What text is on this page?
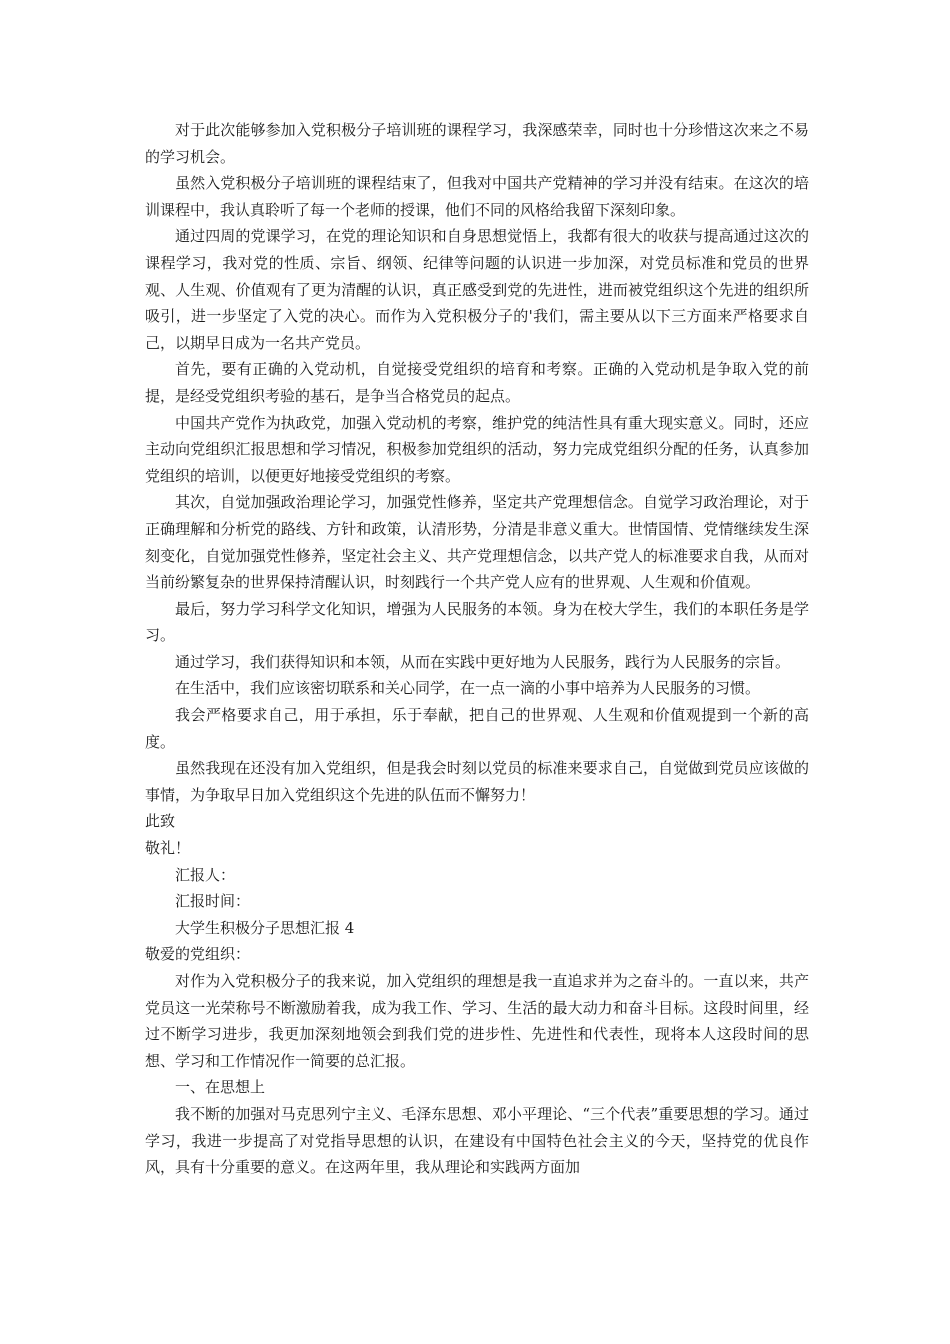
对于此次能够参加入党积极分子培训班的课程学习，我深感荣幸，同时也十分珍惜这次来之不易的学习机会。

虽然入党积极分子培训班的课程结束了，但我对中国共产党精神的学习并没有结束。在这次的培训课程中，我认真聆听了每一个老师的授课，他们不同的风格给我留下深刻印象。

通过四周的党课学习，在党的理论知识和自身思想觉悟上，我都有很大的收获与提高通过这次的课程学习，我对党的性质、宗旨、纲领、纪律等问题的认识进一步加深，对党员标准和党员的世界观、人生观、价值观有了更为清醒的认识，真正感受到党的先进性，进而被党组织这个先进的组织所吸引，进一步坚定了入党的决心。而作为入党积极分子的'我们，需主要从以下三方面来严格要求自己，以期早日成为一名共产党员。

首先，要有正确的入党动机，自觉接受党组织的培育和考察。正确的入党动机是争取入党的前提，是经受党组织考验的基石，是争当合格党员的起点。

中国共产党作为执政党，加强入党动机的考察，维护党的纯洁性具有重大现实意义。同时，还应主动向党组织汇报思想和学习情况，积极参加党组织的活动，努力完成党组织分配的任务，认真参加党组织的培训，以便更好地接受党组织的考察。

其次，自觉加强政治理论学习，加强党性修养，坚定共产党理想信念。自觉学习政治理论，对于正确理解和分析党的路线、方针和政策，认清形势，分清是非意义重大。世情国情、党情继续发生深刻变化，自觉加强党性修养，坚定社会主义、共产党理想信念，以共产党人的标准要求自我，从而对当前纷繁复杂的世界保持清醒认识，时刻践行一个共产党人应有的世界观、人生观和价值观。

最后，努力学习科学文化知识，增强为人民服务的本领。身为在校大学生，我们的本职任务是学习。

通过学习，我们获得知识和本领，从而在实践中更好地为人民服务，践行为人民服务的宗旨。

在生活中，我们应该密切联系和关心同学，在一点一滴的小事中培养为人民服务的习惯。

我会严格要求自己，用于承担，乐于奉献，把自己的世界观、人生观和价值观提到一个新的高度。

虽然我现在还没有加入党组织，但是我会时刻以党员的标准来要求自己，自觉做到党员应该做的事情，为争取早日加入党组织这个先进的队伍而不懈努力！

此致

敬礼！

汇报人：

汇报时间：

大学生积极分子思想汇报 4

敬爱的党组织：

对作为入党积极分子的我来说，加入党组织的理想是我一直追求并为之奋斗的。一直以来，共产党员这一光荣称号不断激励着我，成为我工作、学习、生活的最大动力和奋斗目标。这段时间里，经过不断学习进步，我更加深刻地领会到我们党的进步性、先进性和代表性，现将本人这段时间的思想、学习和工作情况作一简要的总汇报。

一、在思想上

我不断的加强对马克思列宁主义、毛泽东思想、邓小平理论、“三个代表”重要思想的学习。通过学习，我进一步提高了对党指导思想的认识，在建设有中国特色社会主义的今天，坚持党的优良作风，具有十分重要的意义。在这两年里，我从理论和实践两方面加
